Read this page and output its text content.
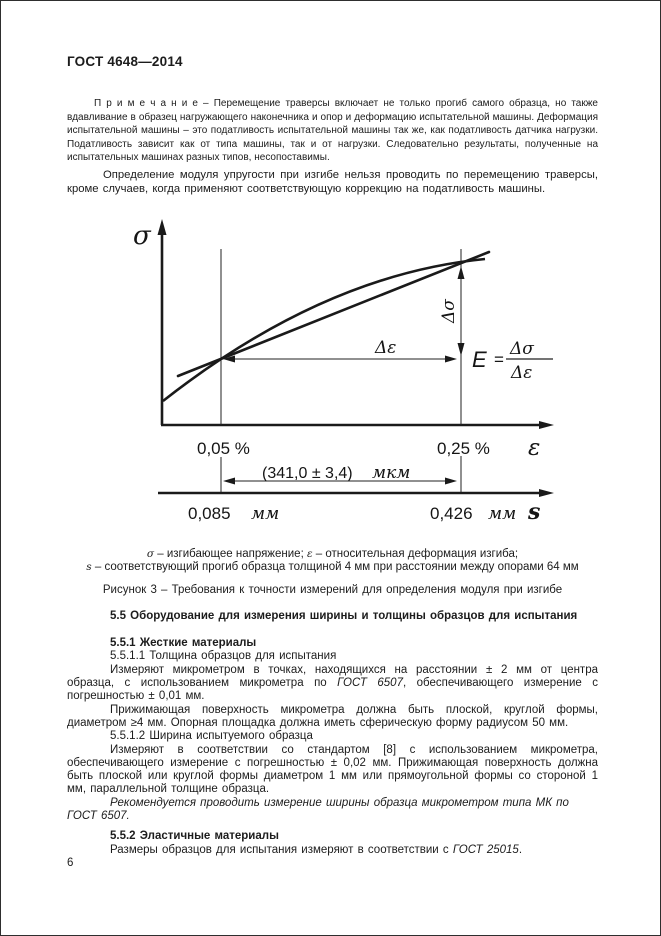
ГОСТ 4648—2014

П р и м е ч а н и е – Перемещение траверсы включает не только прогиб самого образца, но также вдавливание в образец нагружающего наконечника и опор и деформацию испытательной машины. Деформация испытательной машины – это податливость испытательной машины так же, как податливость датчика нагрузки. Податливость зависит как от типа машины, так и от нагрузки. Следовательно результаты, полученные на испытательных машинах разных типов, несопоставимы.

Определение модуля упругости при изгибе нельзя проводить по перемещению траверсы, кроме случаев, когда применяют соответствующую коррекцию на податливость машины.

σ
ε
s
0,05 %	0,25 %
Δε
Δσ
E =
Δσ
Δε
(341,0 ± 3,4) мкм
0,085 мм	0,426 мм

σ – изгибающее напряжение; ε – относительная деформация изгиба;

s – соответствующий прогиб образца толщиной 4 мм при расстоянии между опорами 64 мм

Рисунок 3 – Требования к точности измерений для определения модуля при изгибе

5.5 Оборудование для измерения ширины и толщины образцов для испытания
5.5.1 Жесткие материалы

5.5.1.1 Толщина образцов для испытания

Измеряют микрометром в точках, находящихся на расстоянии ± 2 мм от центра образца, с использованием микрометра по ГОСТ 6507, обеспечивающего измерение с погрешностью ± 0,01 мм.

Прижимающая поверхность микрометра должна быть плоской, круглой формы, диаметром ≥4 мм. Опорная площадка должна иметь сферическую форму радиусом 50 мм.

5.5.1.2 Ширина испытуемого образца

Измеряют в соответствии со стандартом [8] с использованием микрометра, обеспечивающего измерение с погрешностью ± 0,02 мм. Прижимающая поверхность должна быть плоской или круглой формы диаметром 1 мм или прямоугольной формы со стороной 1 мм, параллельной толщине образца.

Рекомендуется проводить измерение ширины образца микрометром типа МК по ГОСТ 6507.

5.5.2 Эластичные материалы

Размеры образцов для испытания измеряют в соответствии с ГОСТ 25015.

6
